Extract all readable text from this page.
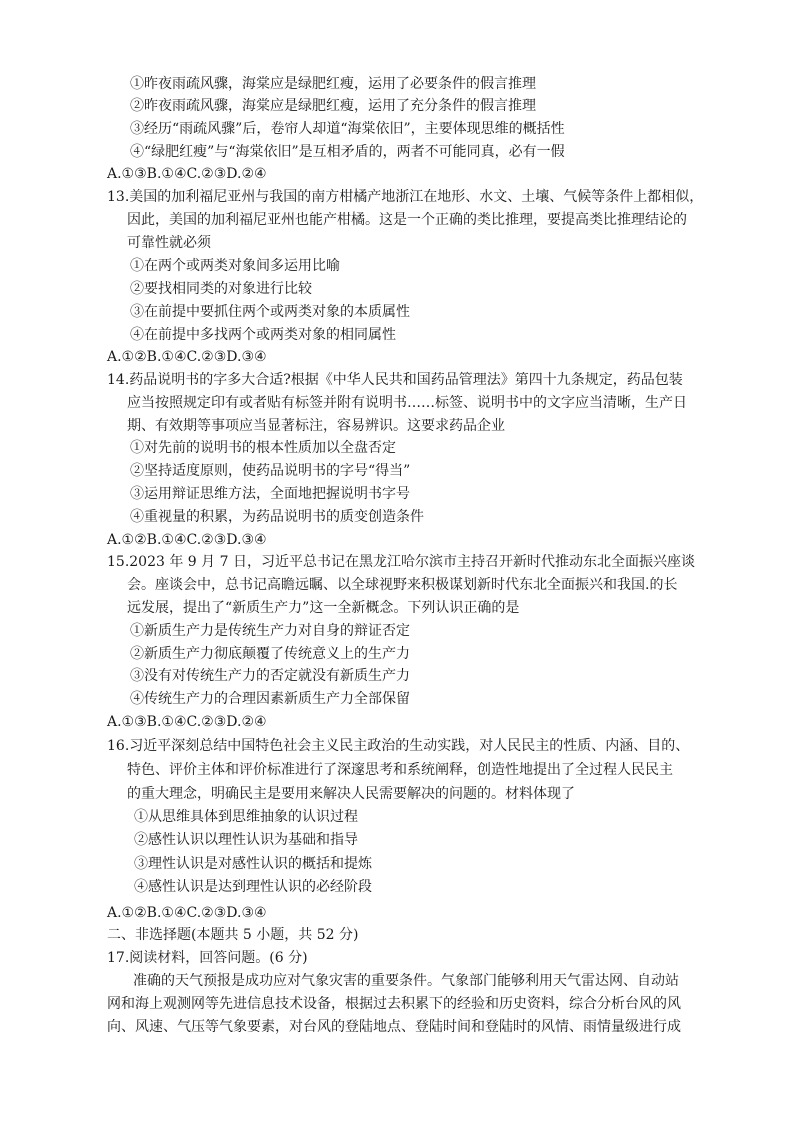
①昨夜雨疏风骤，海棠应是绿肥红瘦，运用了必要条件的假言推理
②昨夜雨疏风骤，海棠应是绿肥红瘦，运用了充分条件的假言推理
③经历“雨疏风骤”后，卷帘人却道“海棠依旧”，主要体现思维的概括性
④“绿肥红瘦”与“海棠依旧”是互相矛盾的，两者不可能同真，必有一假
A.①③B.①④C.②③D.②④
13.美国的加利福尼亚州与我国的南方柑橘产地浙江在地形、水文、土壤、气候等条件上都相似，
因此，美国的加利福尼亚州也能产柑橘。这是一个正确的类比推理，要提高类比推理结论的
可靠性就必须
①在两个或两类对象间多运用比喻
②要找相同类的对象进行比较
③在前提中要抓住两个或两类对象的本质属性
④在前提中多找两个或两类对象的相同属性
A.①②B.①④C.②③D.③④
14.药品说明书的字多大合适?根据《中华人民共和国药品管理法》第四十九条规定，药品包装
应当按照规定印有或者贴有标签并附有说明书……标签、说明书中的文字应当清晰，生产日
期、有效期等事项应当显著标注，容易辨识。这要求药品企业
①对先前的说明书的根本性质加以全盘否定
②坚持适度原则，使药品说明书的字号“得当”
③运用辩证思维方法，全面地把握说明书字号
④重视量的积累，为药品说明书的质变创造条件
A.①②B.①④C.②③D.③④
15.2023 年 9 月 7 日，习近平总书记在黑龙江哈尔滨市主持召开新时代推动东北全面振兴座谈
会。座谈会中，总书记高瞻远瞩、以全球视野来积极谋划新时代东北全面振兴和我国.的长
远发展，提出了“新质生产力”这一全新概念。下列认识正确的是
①新质生产力是传统生产力对自身的辩证否定
②新质生产力彻底颠覆了传统意义上的生产力
③没有对传统生产力的否定就没有新质生产力
④传统生产力的合理因素新质生产力全部保留
A.①③B.①④C.②③D.②④
16.习近平深刻总结中国特色社会主义民主政治的生动实践，对人民民主的性质、内涵、目的、
特色、评价主体和评价标准进行了深邃思考和系统阐释，创造性地提出了全过程人民民主
的重大理念，明确民主是要用来解决人民需要解决的问题的。材料体现了
①从思维具体到思维抽象的认识过程
②感性认识以理性认识为基础和指导
③理性认识是对感性认识的概括和提炼
④感性认识是达到理性认识的必经阶段
A.①②B.①④C.②③D.③④
二、非选择题(本题共 5 小题，共 52 分)
17.阅读材料，回答问题。(6 分)
准确的天气预报是成功应对气象灾害的重要条件。气象部门能够利用天气雷达网、自动站
网和海上观测网等先进信息技术设备，根据过去积累下的经验和历史资料，综合分析台风的风
向、风速、气压等气象要素，对台风的登陆地点、登陆时间和登陆时的风情、雨情量级进行成
